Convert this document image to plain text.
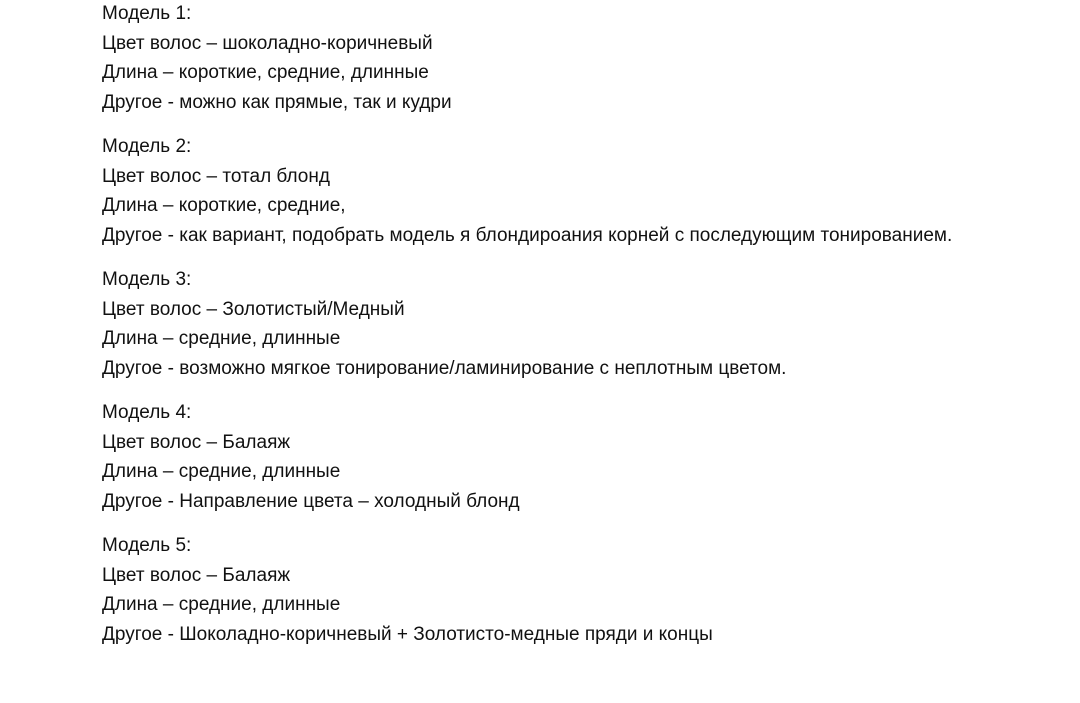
Модель 1:
Цвет волос – шоколадно-коричневый
Длина – короткие, средние, длинные
Другое - можно как прямые, так и кудри
Модель 2:
Цвет волос – тотал блонд
Длина – короткие, средние,
Другое - как вариант, подобрать модель я блондироания корней с последующим тонированием.
Модель 3:
Цвет волос – Золотистый/Медный
Длина – средние, длинные
Другое - возможно мягкое тонирование/ламинирование с неплотным цветом.
Модель 4:
Цвет волос – Балаяж
Длина – средние, длинные
Другое - Направление цвета – холодный блонд
Модель 5:
Цвет волос – Балаяж
Длина – средние, длинные
Другое - Шоколадно-коричневый + Золотисто-медные пряди и концы
